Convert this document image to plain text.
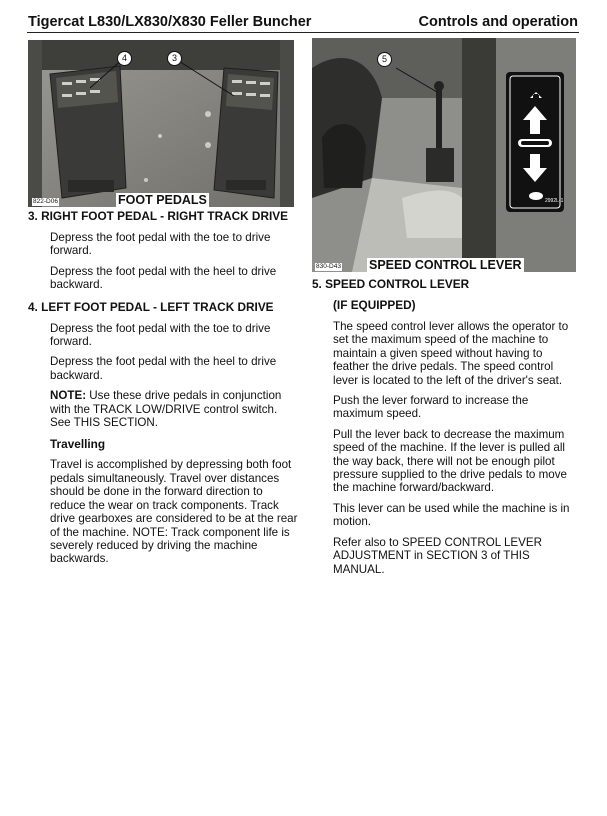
Tigercat L830/LX830/X830 Feller Buncher	Controls and operation
4	3
822-D06	FOOT PEDALS
5
2992L-1
830-D43 SPEED CONTROL LEVER

3. RIGHT FOOT PEDAL - RIGHT TRACK DRIVE

Depress the foot pedal with the toe to drive forward.

Depress the foot pedal with the heel to drive backward.

4. LEFT FOOT PEDAL - LEFT TRACK DRIVE

Depress the foot pedal with the toe to drive forward.

Depress the foot pedal with the heel to drive backward.

NOTE: Use these drive pedals in conjunction with the TRACK LOW/DRIVE control switch. See THIS SECTION.

Travelling

Travel is accomplished by depressing both foot pedals simultaneously. Travel over distances should be done in the forward direction to reduce the wear on track components. Track drive gearboxes are considered to be at the rear of the machine. NOTE: Track component life is severely reduced by driving the machine backwards.

5. SPEED CONTROL LEVER

(IF EQUIPPED)

The speed control lever allows the operator to set the maximum speed of the machine to maintain a given speed without having to feather the drive pedals. The speed control lever is located to the left of the driver's seat.

Push the lever forward to increase the maximum speed.

Pull the lever back to decrease the maximum speed of the machine. If the lever is pulled all the way back, there will not be enough pilot pressure supplied to the drive pedals to move the machine forward/backward.

This lever can be used while the machine is in motion.

Refer also to SPEED CONTROL LEVER ADJUSTMENT in SECTION 3 of THIS MANUAL.
